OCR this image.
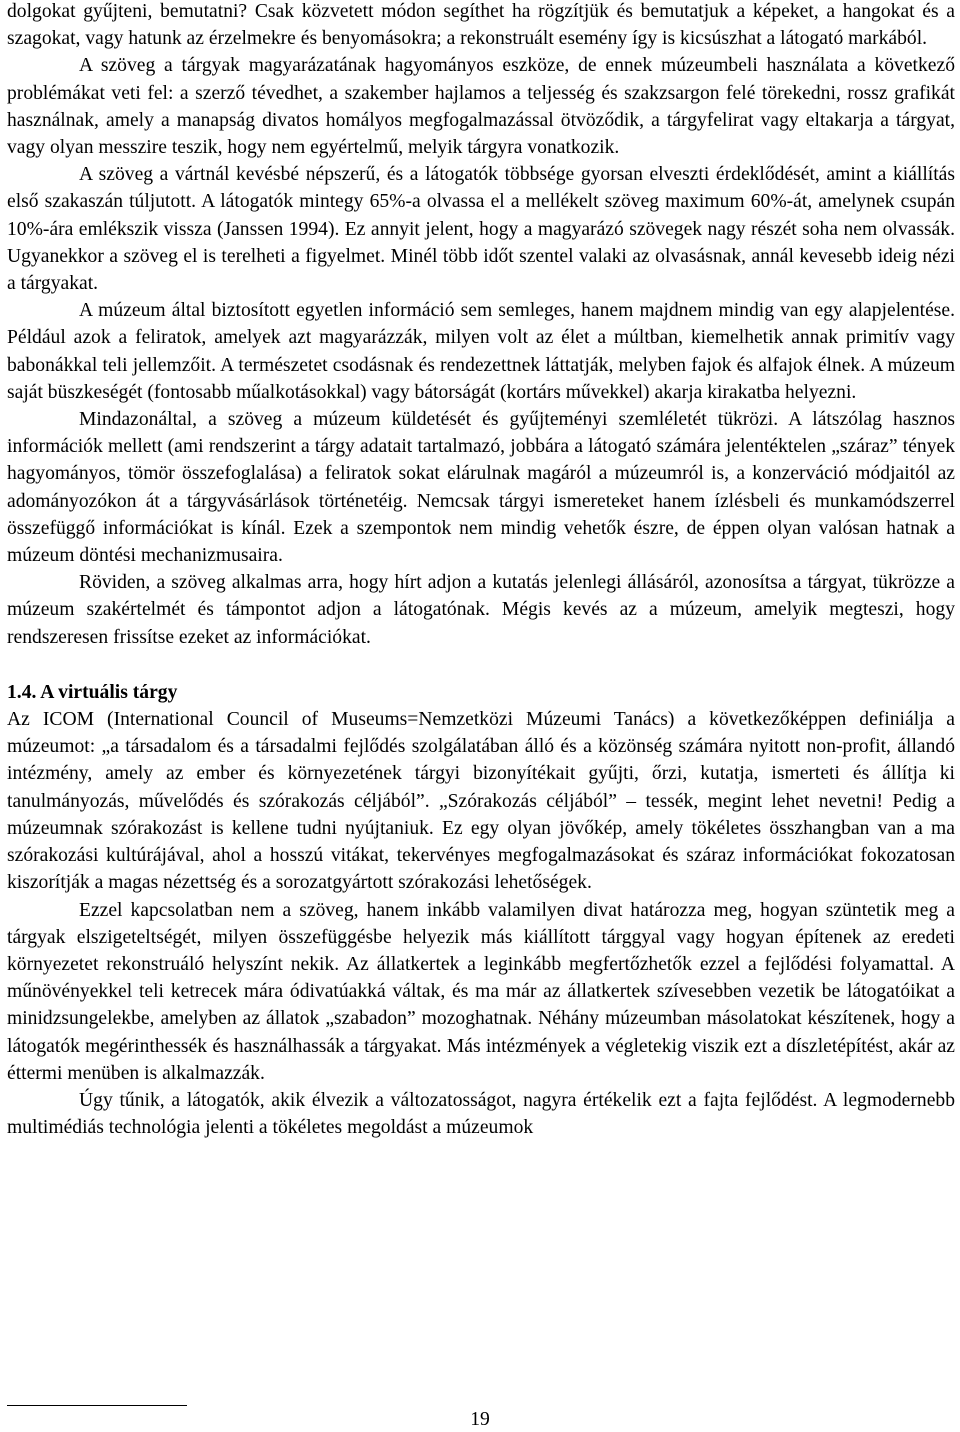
dolgokat gyűjteni, bemutatni? Csak közvetett módon segíthet ha rögzítjük és bemutatjuk a képeket, a hangokat és a szagokat, vagy hatunk az érzelmekre és benyomásokra; a rekonstruált esemény így is kicsúszhat a látogató markából.

A szöveg a tárgyak magyarázatának hagyományos eszköze, de ennek múzeumbeli használata a következő problémákat veti fel: a szerző tévedhet, a szakember hajlamos a teljesség és szakzsargon felé törekedni, rossz grafikát használnak, amely a manapság divatos homályos megfogalmazással ötvöződik, a tárgyfelirat vagy eltakarja a tárgyat, vagy olyan messzire teszik, hogy nem egyértelmű, melyik tárgyra vonatkozik.

A szöveg a vártnál kevésbé népszerű, és a látogatók többsége gyorsan elveszti érdeklődését, amint a kiállítás első szakaszán túljutott. A látogatók mintegy 65%-a olvassa el a mellékelt szöveg maximum 60%-át, amelynek csupán 10%-ára emlékszik vissza (Janssen 1994). Ez annyit jelent, hogy a magyarázó szövegek nagy részét soha nem olvassák. Ugyanekkor a szöveg el is terelheti a figyelmet. Minél több időt szentel valaki az olvasásnak, annál kevesebb ideig nézi a tárgyakat.

A múzeum által biztosított egyetlen információ sem semleges, hanem majdnem mindig van egy alapjelentése. Például azok a feliratok, amelyek azt magyarázzák, milyen volt az élet a múltban, kiemelhetik annak primitív vagy babonákkal teli jellemzőit. A természetet csodásnak és rendezettnek láttatják, melyben fajok és alfajok élnek. A múzeum saját büszkeségét (fontosabb műalkotásokkal) vagy bátorságát (kortárs művekkel) akarja kirakatba helyezni.

Mindazonáltal, a szöveg a múzeum küldetését és gyűjteményi szemléletét tükrözi. A látszólag hasznos információk mellett (ami rendszerint a tárgy adatait tartalmazó, jobbára a látogató számára jelentéktelen „száraz” tények hagyományos, tömör összefoglalása) a feliratok sokat elárulnak magáról a múzeumról is, a konzerváció módjaitól az adományozókon át a tárgyvásárlások történetéig. Nemcsak tárgyi ismereteket hanem ízlésbeli és munkamódszerrel összefüggő információkat is kínál. Ezek a szempontok nem mindig vehetők észre, de éppen olyan valósan hatnak a múzeum döntési mechanizmusaira.

Röviden, a szöveg alkalmas arra, hogy hírt adjon a kutatás jelenlegi állásáról, azonosítsa a tárgyat, tükrözze a múzeum szakértelmét és támpontot adjon a látogatónak. Mégis kevés az a múzeum, amelyik megteszi, hogy rendszeresen frissítse ezeket az információkat.

1.4. A virtuális tárgy

Az ICOM (International Council of Museums=Nemzetközi Múzeumi Tanács) a következőképpen definiálja a múzeumot: „a társadalom és a társadalmi fejlődés szolgálatában álló és a közönség számára nyitott non-profit, állandó intézmény, amely az ember és környezetének tárgyi bizonyítékait gyűjti, őrzi, kutatja, ismerteti és állítja ki tanulmányozás, művelődés és szórakozás céljából”. „Szórakozás céljából” – tessék, megint lehet nevetni! Pedig a múzeumnak szórakozást is kellene tudni nyújtaniuk. Ez egy olyan jövőkép, amely tökéletes összhangban van a ma szórakozási kultúrájával, ahol a hosszú vitákat, tekervényes megfogalmazásokat és száraz információkat fokozatosan kiszorítják a magas nézettség és a sorozatgyártott szórakozási lehetőségek.

Ezzel kapcsolatban nem a szöveg, hanem inkább valamilyen divat határozza meg, hogyan szüntetik meg a tárgyak elszigeteltségét, milyen összefüggésbe helyezik más kiállított tárggyal vagy hogyan építenek az eredeti környezetet rekonstruáló helyszínt nekik. Az állatkertek a leginkább megfertőzhetők ezzel a fejlődési folyamattal. A műnövényekkel teli ketrecek mára ódivatúakká váltak, és ma már az állatkertek szívesebben vezetik be látogatóikat a minidzsungelekbe, amelyben az állatok „szabadon” mozoghatnak. Néhány múzeumban másolatokat készítenek, hogy a látogatók megérinthessék és használhassák a tárgyakat. Más intézmények a végletekig viszik ezt a díszletépítést, akár az éttermi menüben is alkalmazzák.

Úgy tűnik, a látogatók, akik élvezik a változatosságot, nagyra értékelik ezt a fajta fejlődést. A legmodernebb multimédiás technológia jelenti a tökéletes megoldást a múzeumok

19
